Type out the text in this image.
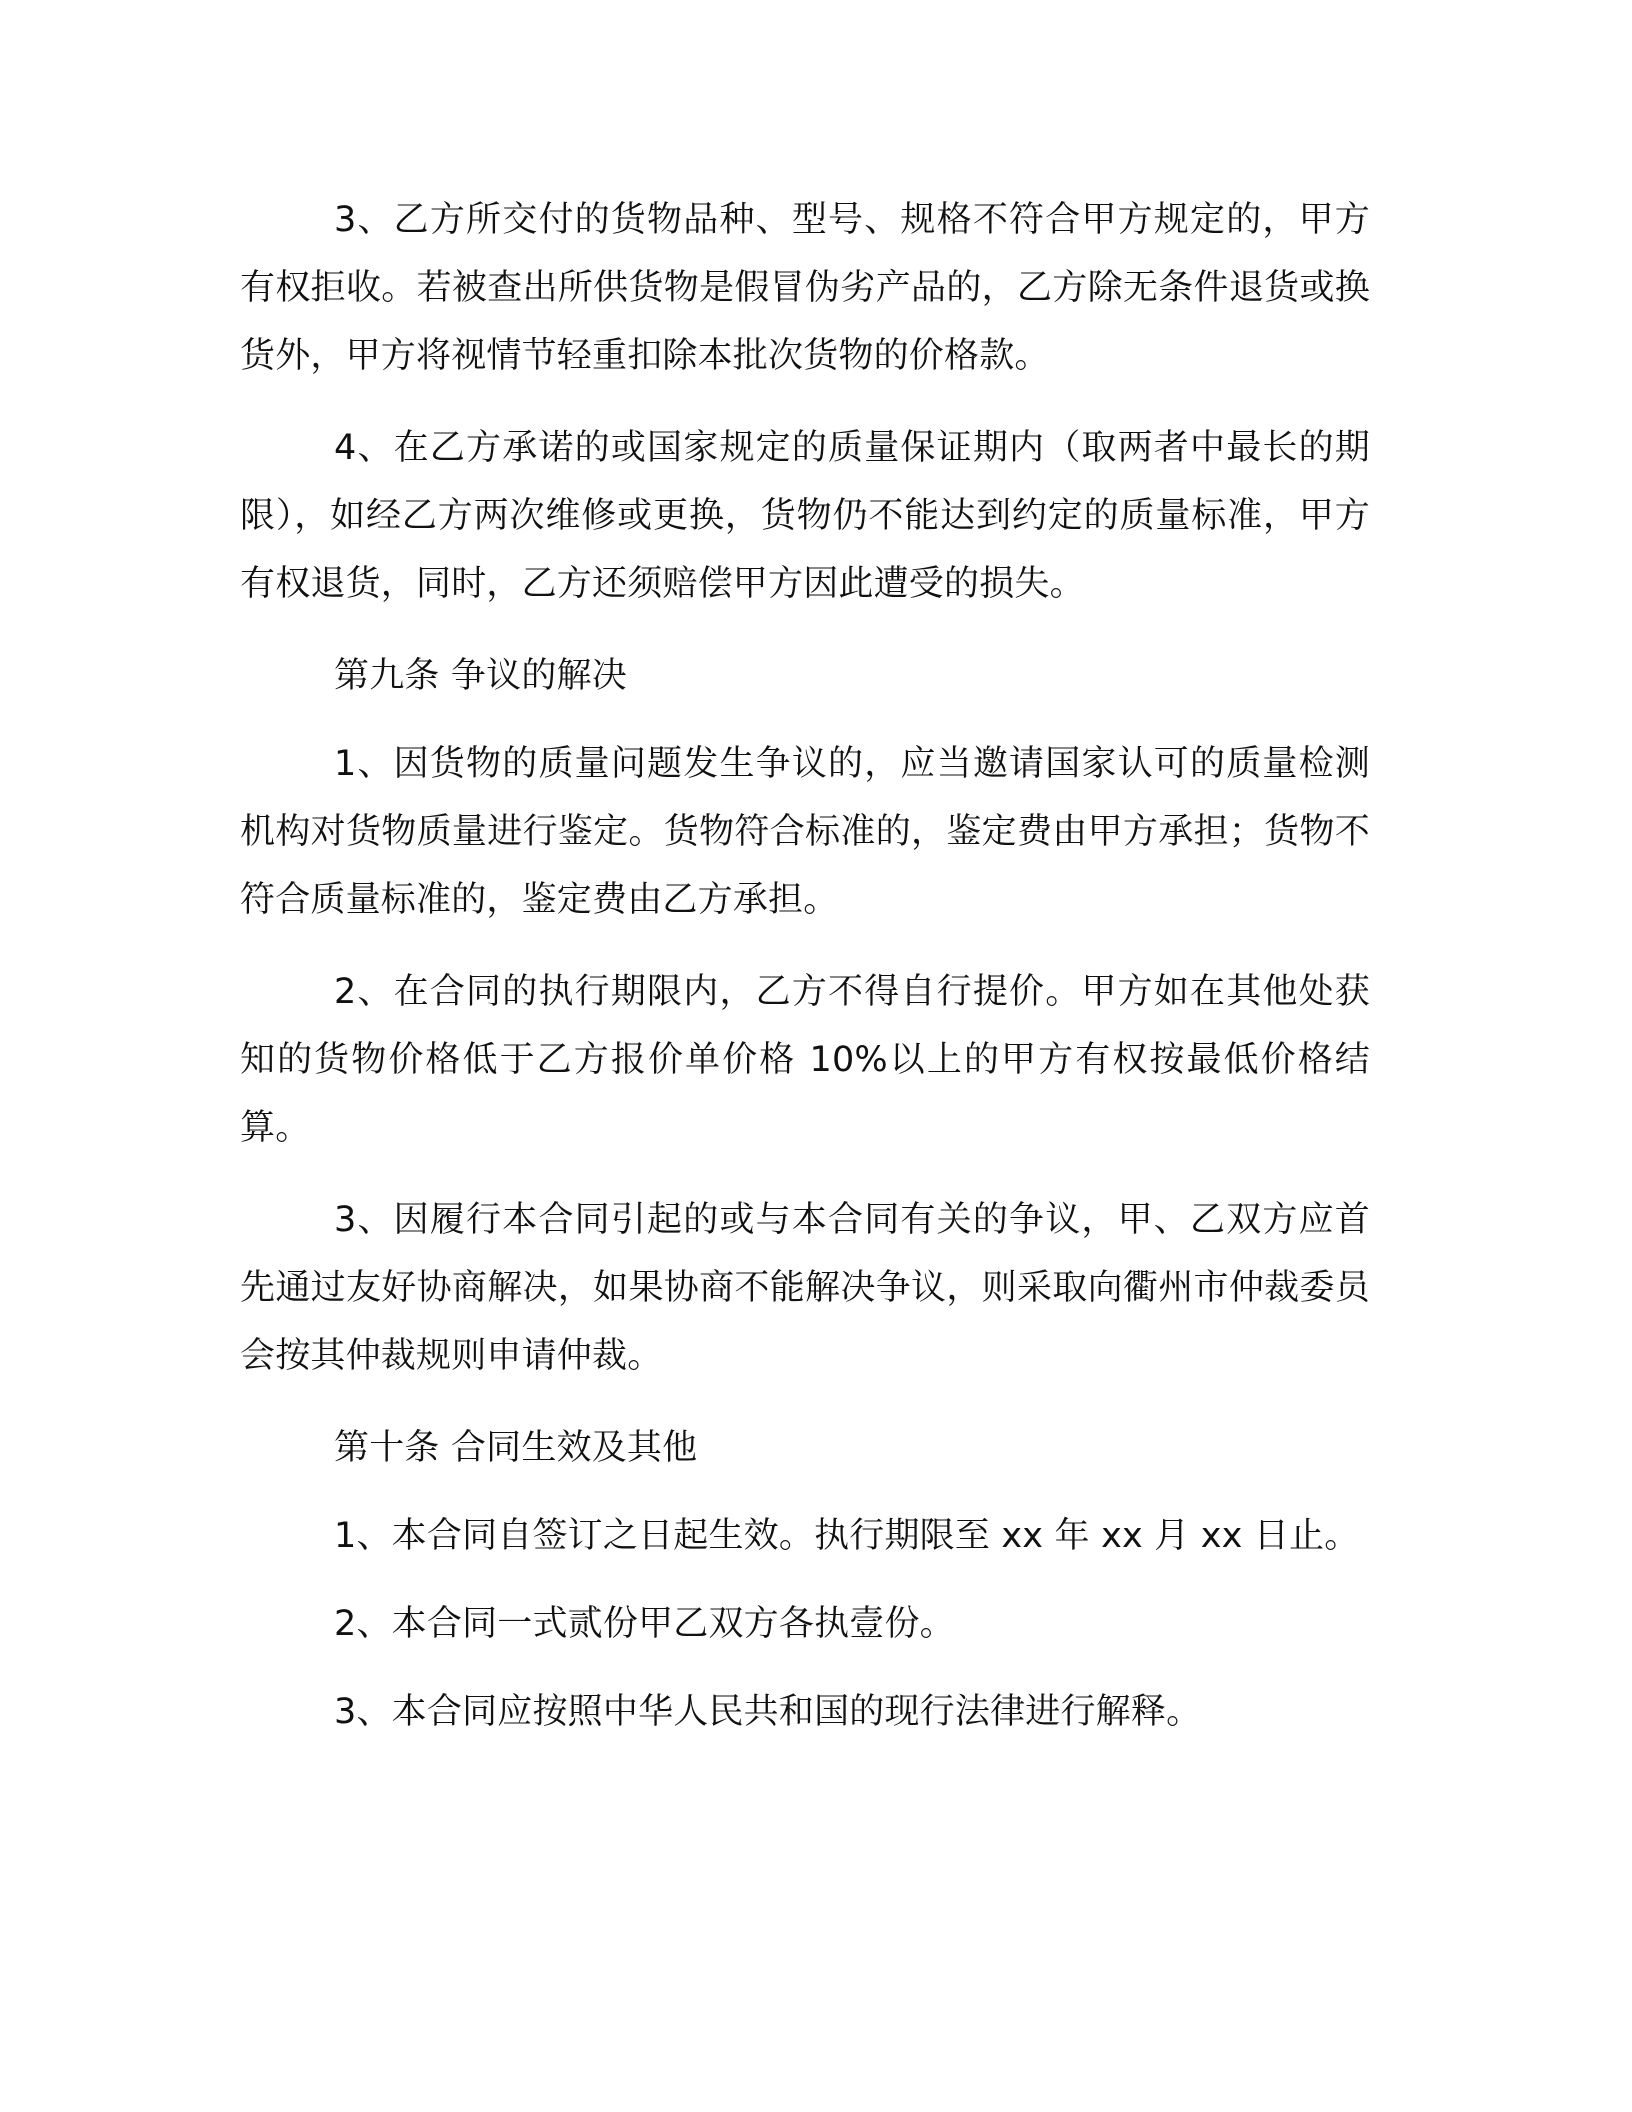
3、乙方所交付的货物品种、型号、规格不符合甲方规定的，甲方有权拒收。若被查出所供货物是假冒伪劣产品的，乙方除无条件退货或换货外，甲方将视情节轻重扣除本批次货物的价格款。

4、在乙方承诺的或国家规定的质量保证期内（取两者中最长的期限），如经乙方两次维修或更换，货物仍不能达到约定的质量标准，甲方有权退货，同时，乙方还须赔偿甲方因此遭受的损失。

第九条 争议的解决

1、因货物的质量问题发生争议的，应当邀请国家认可的质量检测机构对货物质量进行鉴定。货物符合标准的，鉴定费由甲方承担；货物不符合质量标准的，鉴定费由乙方承担。

2、在合同的执行期限内，乙方不得自行提价。甲方如在其他处获知的货物价格低于乙方报价单价格 10%以上的甲方有权按最低价格结算。

3、因履行本合同引起的或与本合同有关的争议，甲、乙双方应首先通过友好协商解决，如果协商不能解决争议，则采取向衢州市仲裁委员会按其仲裁规则申请仲裁。

第十条 合同生效及其他

1、本合同自签订之日起生效。执行期限至 xx 年 xx 月 xx 日止。

2、本合同一式贰份甲乙双方各执壹份。

3、本合同应按照中华人民共和国的现行法律进行解释。
